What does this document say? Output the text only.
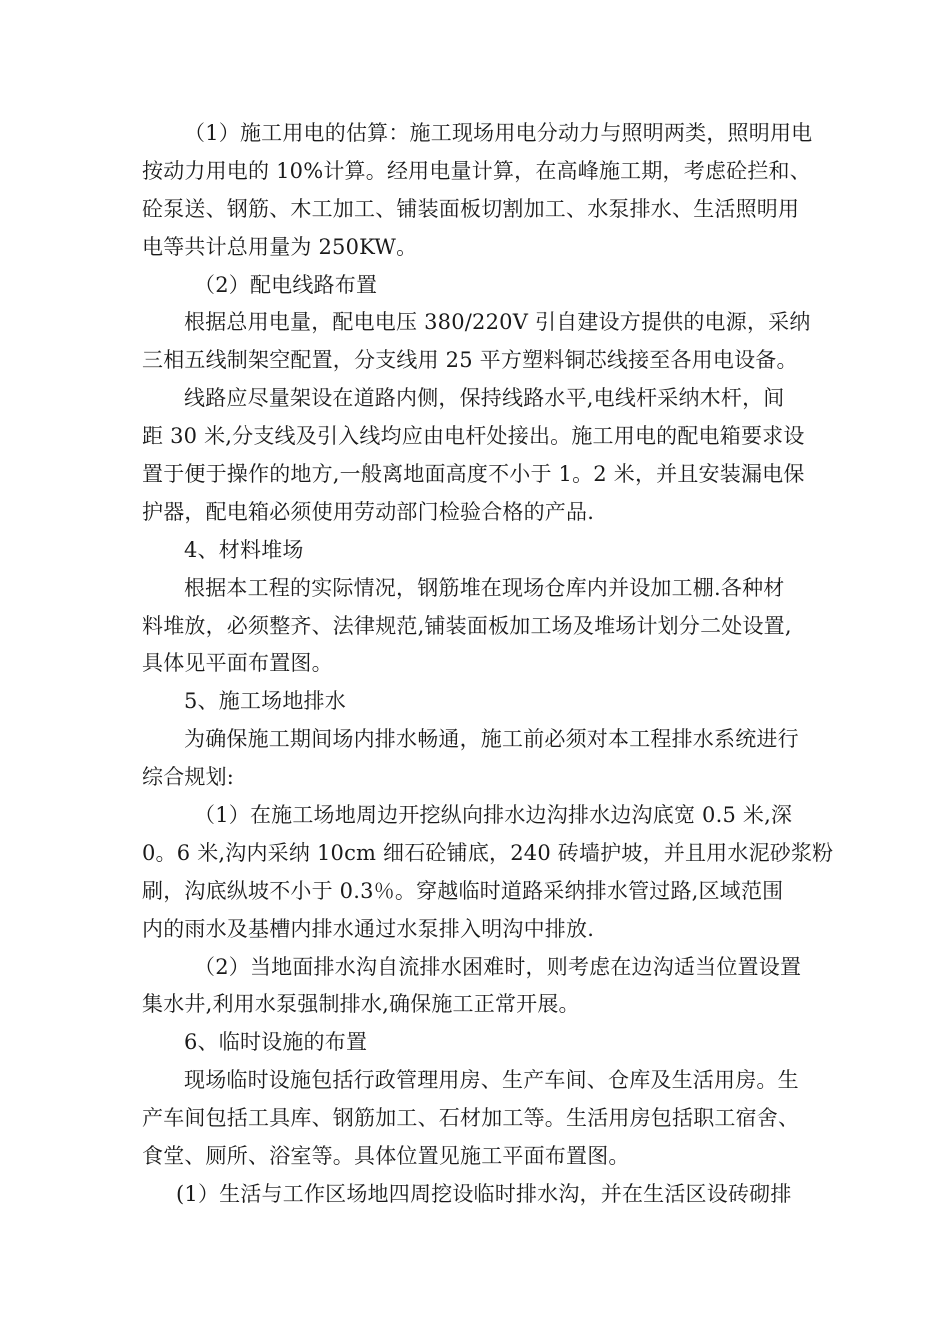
（1）施工用电的估算：施工现场用电分动力与照明两类，照明用电
按动力用电的 10%计算。经用电量计算，在高峰施工期，考虑砼拦和、
砼泵送、钢筋、木工加工、铺装面板切割加工、水泵排水、生活照明用
电等共计总用量为 250KW。
（2）配电线路布置
根据总用电量，配电电压 380/220V 引自建设方提供的电源，采纳
三相五线制架空配置，分支线用 25 平方塑料铜芯线接至各用电设备。
线路应尽量架设在道路内侧，保持线路水平,电线杆采纳木杆，间
距 30 米,分支线及引入线均应由电杆处接出。施工用电的配电箱要求设
置于便于操作的地方,一般离地面高度不小于 1。2 米，并且安装漏电保
护器，配电箱必须使用劳动部门检验合格的产品.
4、材料堆场
根据本工程的实际情况，钢筋堆在现场仓库内并设加工棚.各种材
料堆放，必须整齐、法律规范,铺装面板加工场及堆场计划分二处设置,
具体见平面布置图。
5、施工场地排水
为确保施工期间场内排水畅通，施工前必须对本工程排水系统进行
综合规划:
（1）在施工场地周边开挖纵向排水边沟排水边沟底宽 0.5 米,深
0。6 米,沟内采纳 10cm 细石砼铺底，240 砖墙护坡，并且用水泥砂浆粉
刷，沟底纵坡不小于 0.3％。穿越临时道路采纳排水管过路,区域范围
内的雨水及基槽内排水通过水泵排入明沟中排放.
（2）当地面排水沟自流排水困难时，则考虑在边沟适当位置设置
集水井,利用水泵强制排水,确保施工正常开展。
6、临时设施的布置
现场临时设施包括行政管理用房、生产车间、仓库及生活用房。生
产车间包括工具库、钢筋加工、石材加工等。生活用房包括职工宿舍、
食堂、厕所、浴室等。具体位置见施工平面布置图。
(1）生活与工作区场地四周挖设临时排水沟，并在生活区设砖砌排
